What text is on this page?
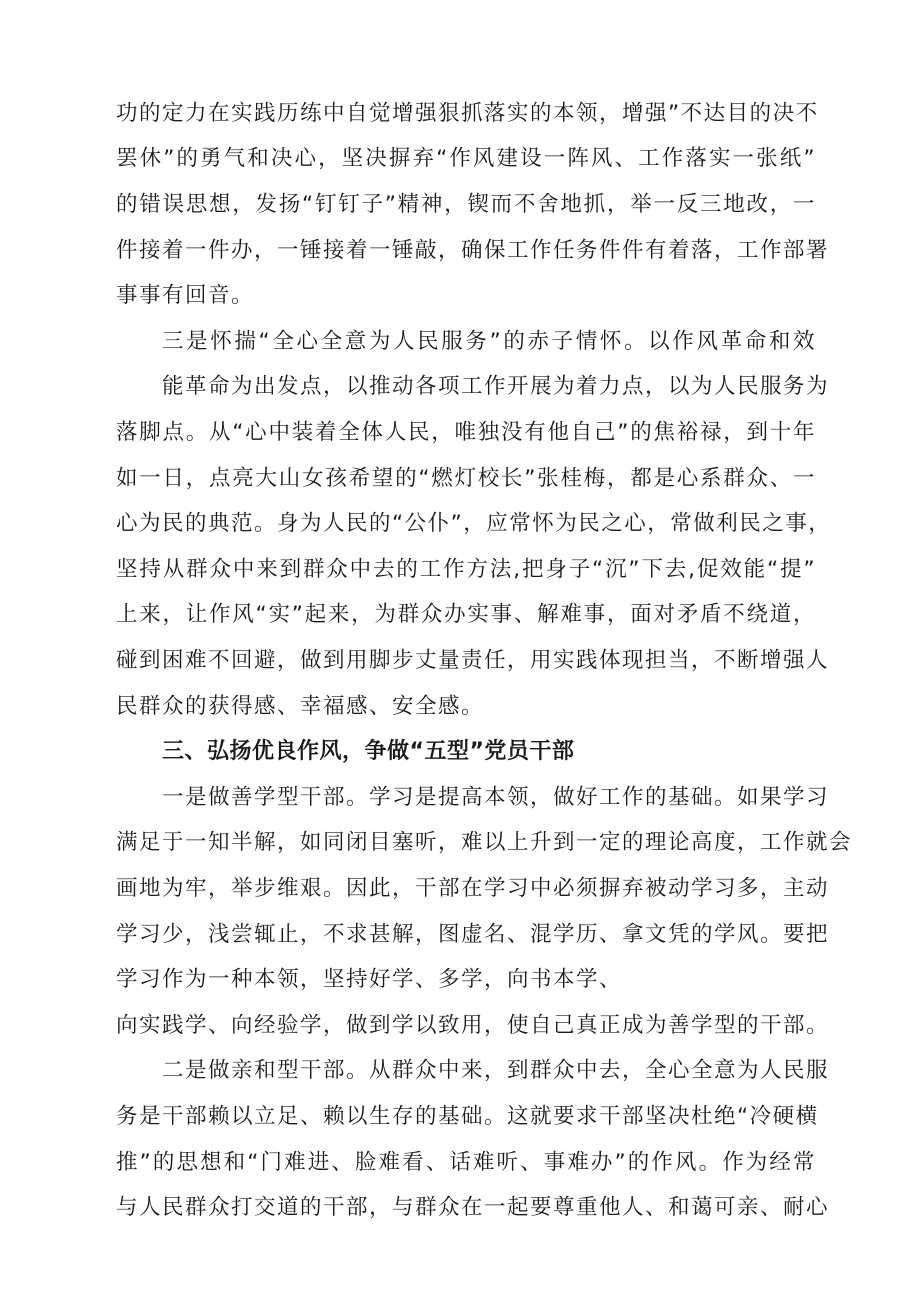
功的定力在实践历练中自觉增强狠抓落实的本领，增强”不达目的决不
罢休”的勇气和决心，坚决摒弃“作风建设一阵风、工作落实一张纸”
的错误思想，发扬“钉钉子”精神，锲而不舍地抓，举一反三地改，一
件接着一件办，一锤接着一锤敲，确保工作任务件件有着落，工作部署
事事有回音。
三是怀揣“全心全意为人民服务”的赤子情怀。以作风革命和效
能革命为出发点，以推动各项工作开展为着力点，以为人民服务为
落脚点。从“心中装着全体人民，唯独没有他自己”的焦裕禄，到十年
如一日，点亮大山女孩希望的“燃灯校长”张桂梅，都是心系群众、一
心为民的典范。身为人民的“公仆”，应常怀为民之心，常做利民之事，
坚持从群众中来到群众中去的工作方法,把身子“沉”下去,促效能“提”
上来，让作风“实”起来，为群众办实事、解难事，面对矛盾不绕道，
碰到困难不回避，做到用脚步丈量责任，用实践体现担当，不断增强人
民群众的获得感、幸福感、安全感。
三、弘扬优良作风，争做“五型”党员干部
一是做善学型干部。学习是提高本领，做好工作的基础。如果学习
满足于一知半解，如同闭目塞听，难以上升到一定的理论高度，工作就会
画地为牢，举步维艰。因此，干部在学习中必须摒弃被动学习多，主动
学习少，浅尝辄止，不求甚解，图虚名、混学历、拿文凭的学风。要把
学习作为一种本领，坚持好学、多学，向书本学、
向实践学、向经验学，做到学以致用，使自己真正成为善学型的干部。
二是做亲和型干部。从群众中来，到群众中去，全心全意为人民服
务是干部赖以立足、赖以生存的基础。这就要求干部坚决杜绝“冷硬横
推”的思想和“门难进、脸难看、话难听、事难办”的作风。作为经常
与人民群众打交道的干部，与群众在一起要尊重他人、和蔼可亲、耐心
